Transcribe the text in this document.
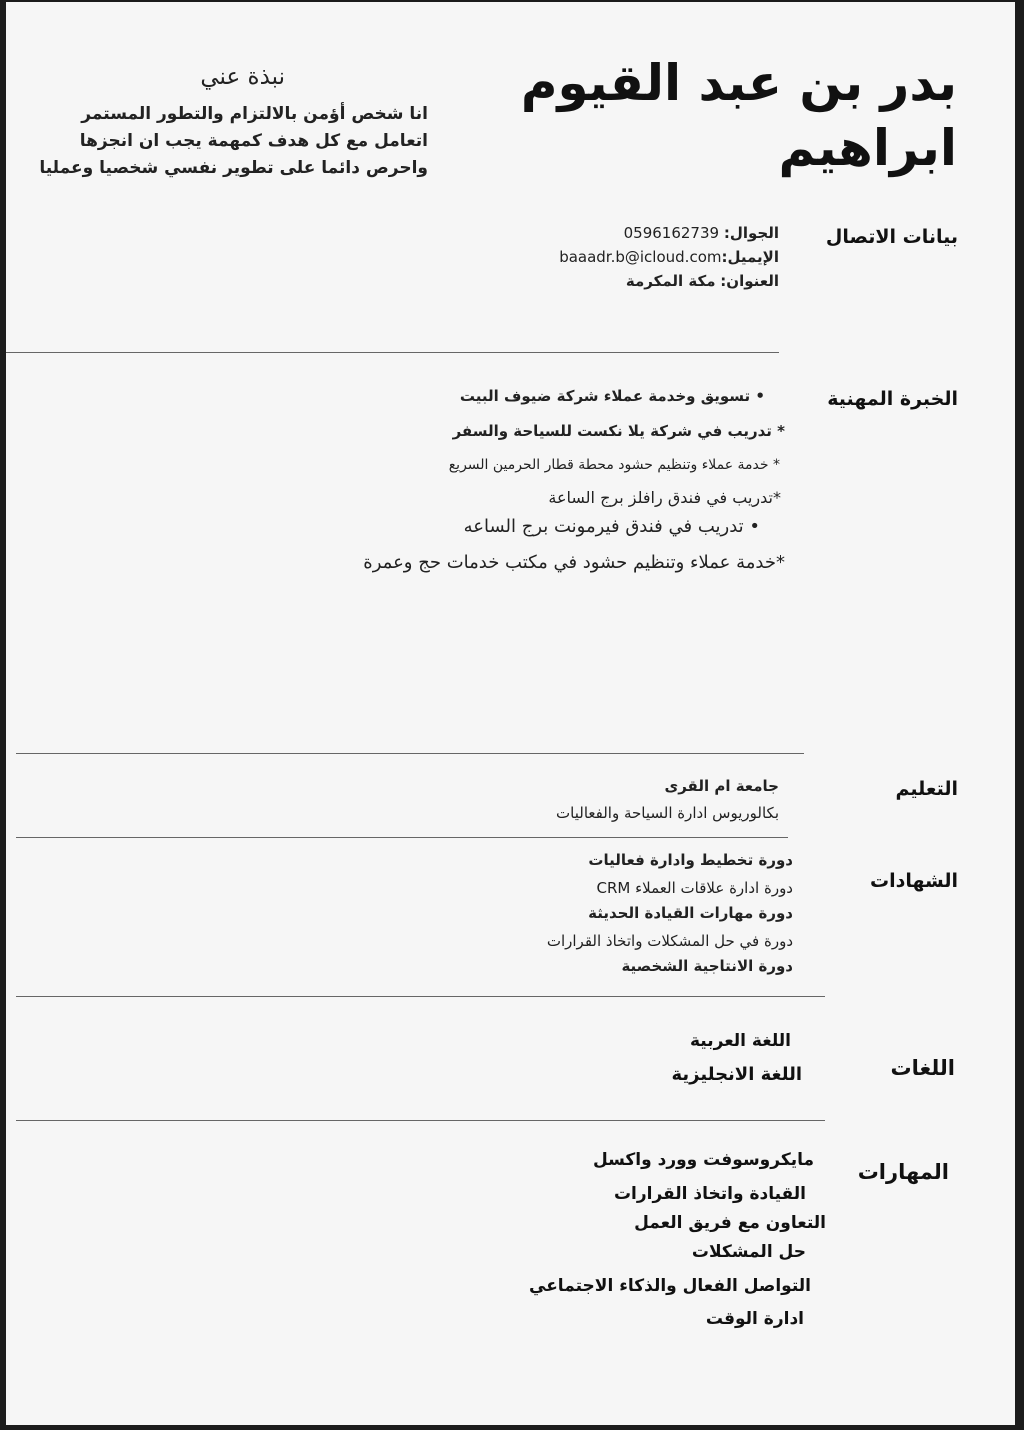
بدر بن عبد القيوم
ابراهيم
نبذة عني
انا شخص أؤمن بالالتزام والتطور المستمر
اتعامل مع كل هدف كمهمة يجب ان انجزها
واحرص دائما على تطوير نفسي شخصيا وعمليا
بيانات الاتصال
الجوال: 0596162739
الإيميل:baaadr.b@icloud.com
العنوان: مكة المكرمة
الخبرة المهنية
• تسويق وخدمة عملاء شركة ضيوف البيت
* تدريب في شركة يلا نكست للسياحة والسفر
* خدمة عملاء وتنظيم حشود محطة قطار الحرمين السريع
*تدريب في فندق رافلز برج الساعة
• تدريب في فندق فيرمونت برج الساعه
*خدمة عملاء وتنظيم حشود في مكتب خدمات حج وعمرة
التعليم
جامعة ام القرى
بكالوريوس ادارة السياحة والفعاليات
الشهادات
دورة تخطيط وادارة فعاليات
دورة ادارة علاقات العملاء CRM
دورة مهارات القيادة الحديثة
دورة في حل المشكلات واتخاذ القرارات
دورة الانتاجية الشخصية
اللغات
اللغة العربية
اللغة الانجليزية
المهارات
مايكروسوفت وورد واكسل
القيادة واتخاذ القرارات
التعاون مع فريق العمل
حل المشكلات
التواصل الفعال والذكاء الاجتماعي
ادارة الوقت
